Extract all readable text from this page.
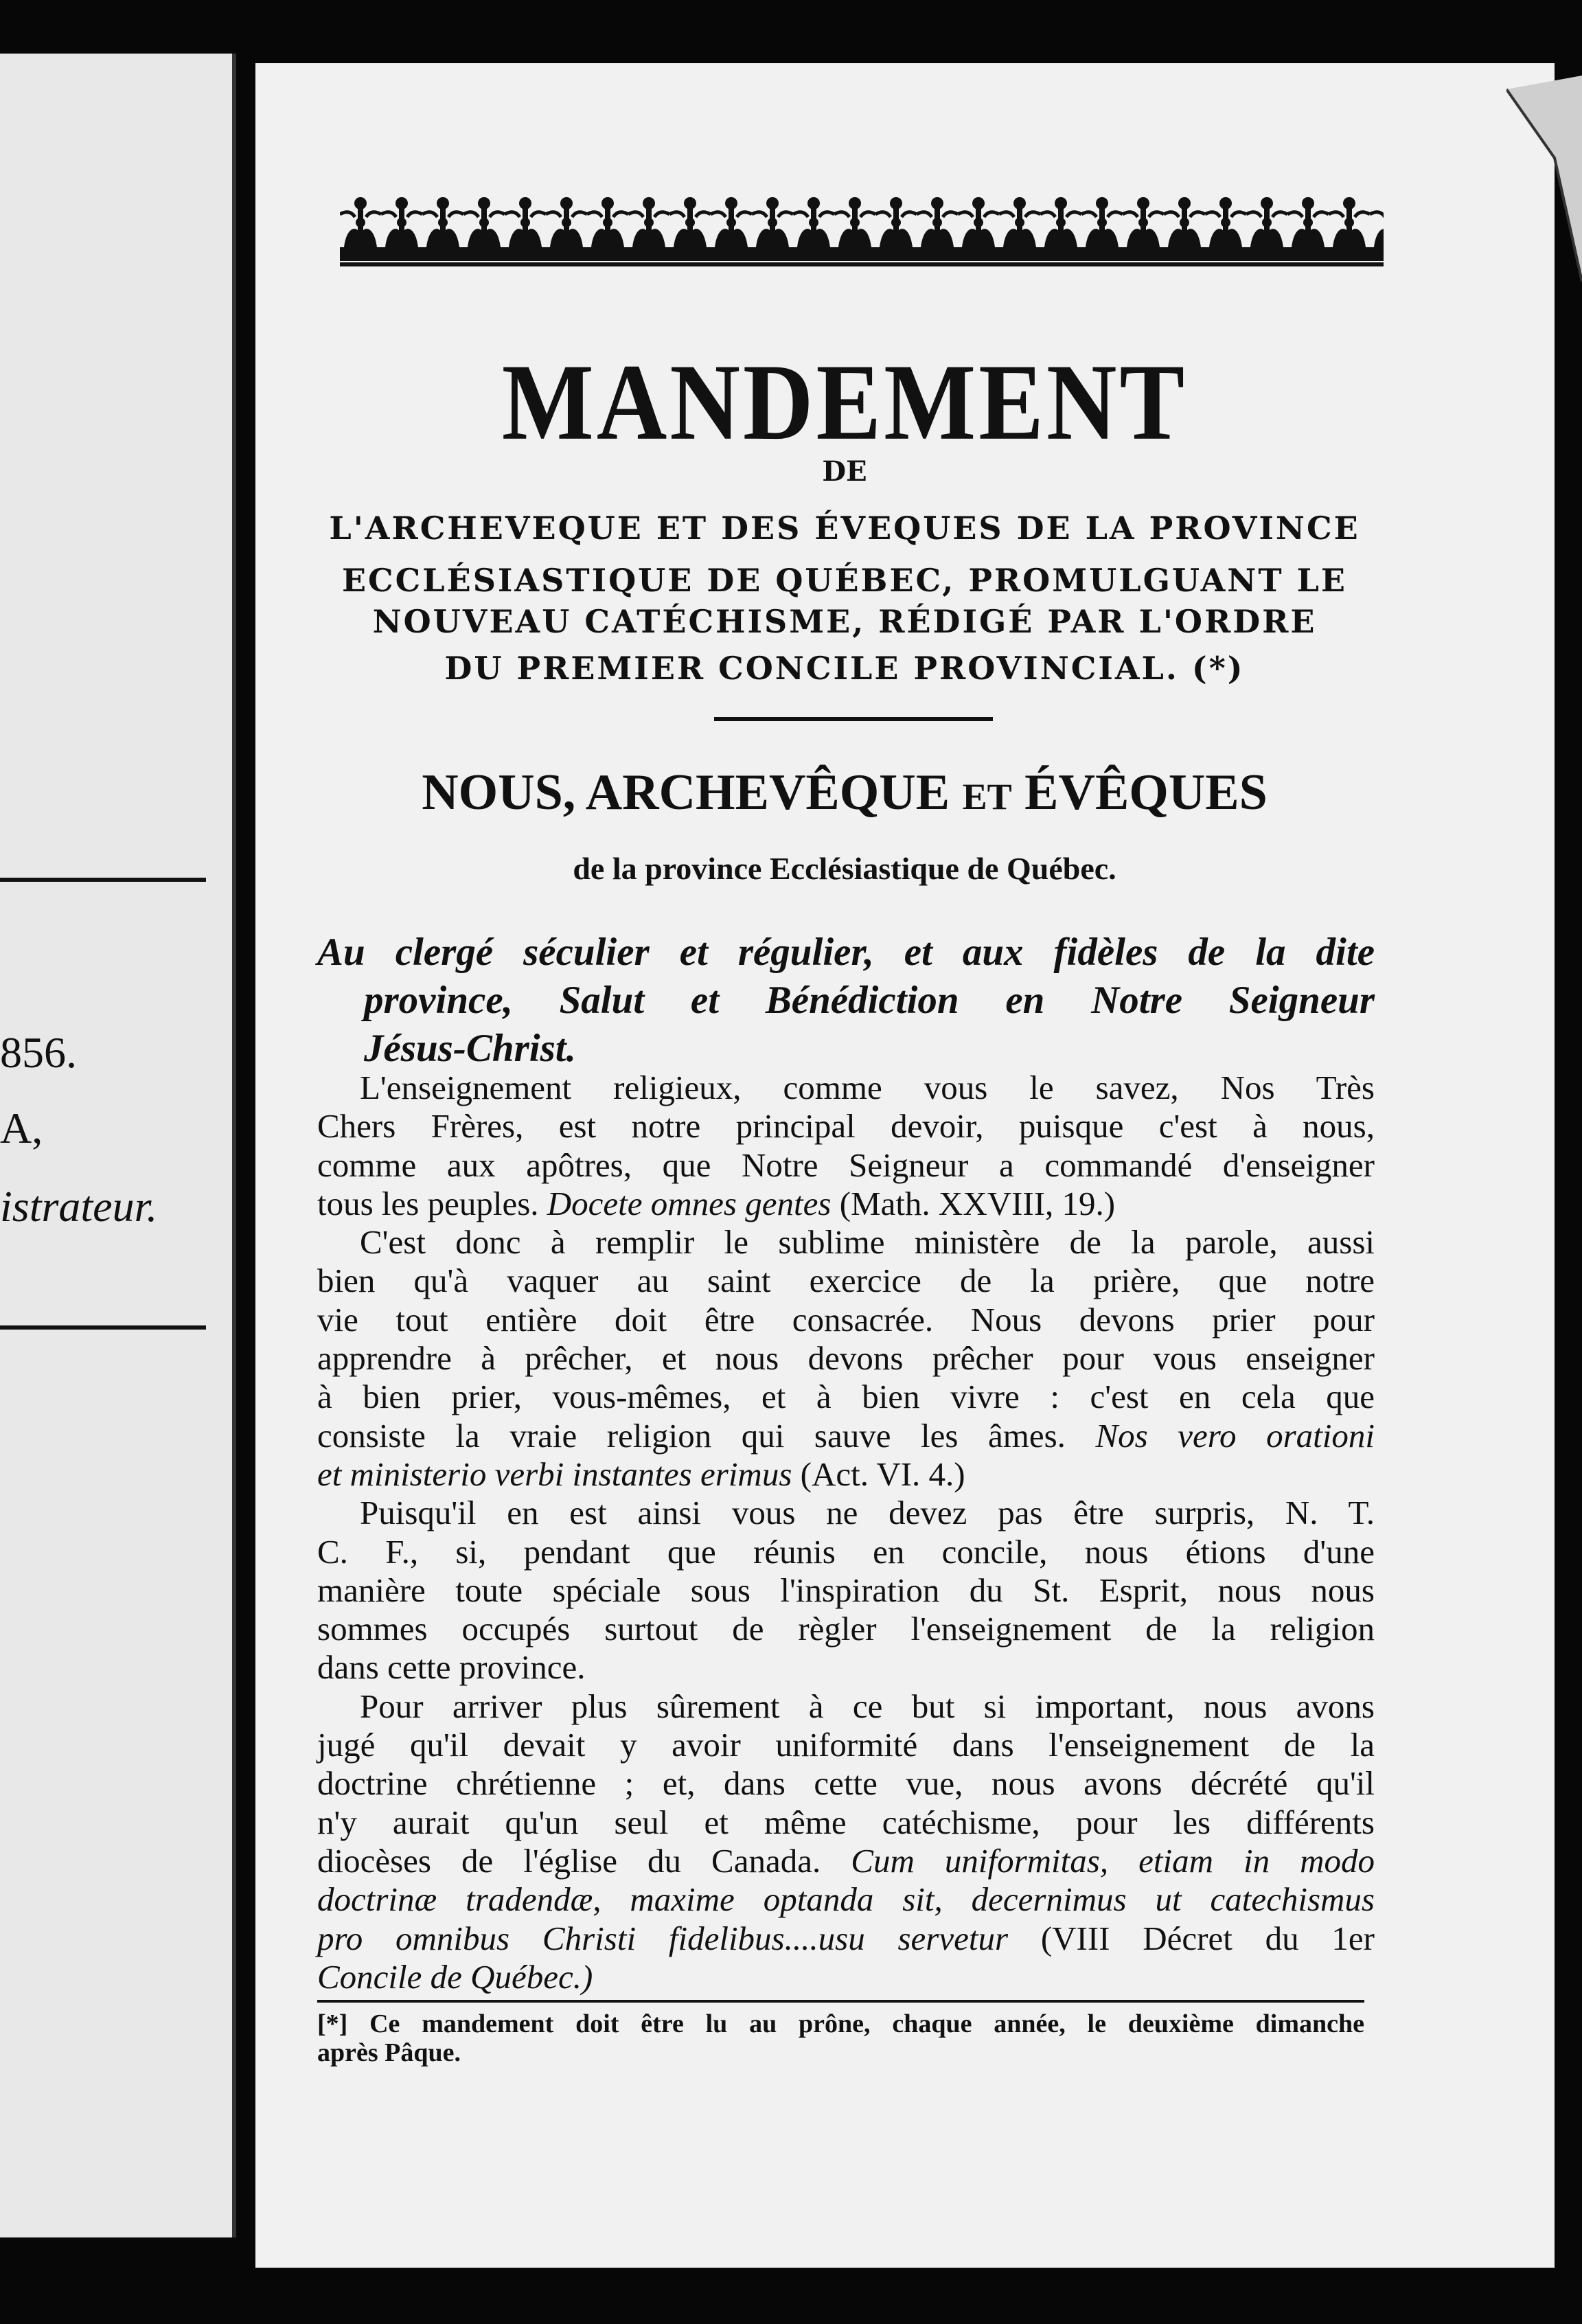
856.
A,
istrateur.
MANDEMENT
DE
L'ARCHEVEQUE ET DES ÉVEQUES DE LA PROVINCE
ECCLÉSIASTIQUE DE QUÉBEC, PROMULGUANT LE
NOUVEAU CATÉCHISME, RÉDIGÉ PAR L'ORDRE
DU PREMIER CONCILE PROVINCIAL. (*)
NOUS, ARCHEVÊQUE ET ÉVÊQUES
de la province Ecclésiastique de Québec.
Au clergé séculier et régulier, et aux fidèles de la dite
province, Salut et Bénédiction en Notre Seigneur
Jésus-Christ.

L'enseignement religieux, comme vous le savez, Nos Très

Chers Frères, est notre principal devoir, puisque c'est à nous,

comme aux apôtres, que Notre Seigneur a commandé d'enseigner

tous les peuples. Docete omnes gentes (Math. XXVIII, 19.)

C'est donc à remplir le sublime ministère de la parole, aussi

bien qu'à vaquer au saint exercice de la prière, que notre

vie tout entière doit être consacrée. Nous devons prier pour

apprendre à prêcher, et nous devons prêcher pour vous enseigner

à bien prier, vous-mêmes, et à bien vivre : c'est en cela que

consiste la vraie religion qui sauve les âmes. Nos vero orationi

et ministerio verbi instantes erimus (Act. VI. 4.)

Puisqu'il en est ainsi vous ne devez pas être surpris, N. T.

C. F., si, pendant que réunis en concile, nous étions d'une

manière toute spéciale sous l'inspiration du St. Esprit, nous nous

sommes occupés surtout de règler l'enseignement de la religion

dans cette province.

Pour arriver plus sûrement à ce but si important, nous avons

jugé qu'il devait y avoir uniformité dans l'enseignement de la

doctrine chrétienne ; et, dans cette vue, nous avons décrété qu'il

n'y aurait qu'un seul et même catéchisme, pour les différents

diocèses de l'église du Canada. Cum uniformitas, etiam in modo

doctrinæ tradendæ, maxime optanda sit, decernimus ut catechismus

pro omnibus Christi fidelibus....usu servetur (VIII Décret du 1er

Concile de Québec.)

[*] Ce mandement doit être lu au prône, chaque année, le deuxième dimanche

après Pâque.
